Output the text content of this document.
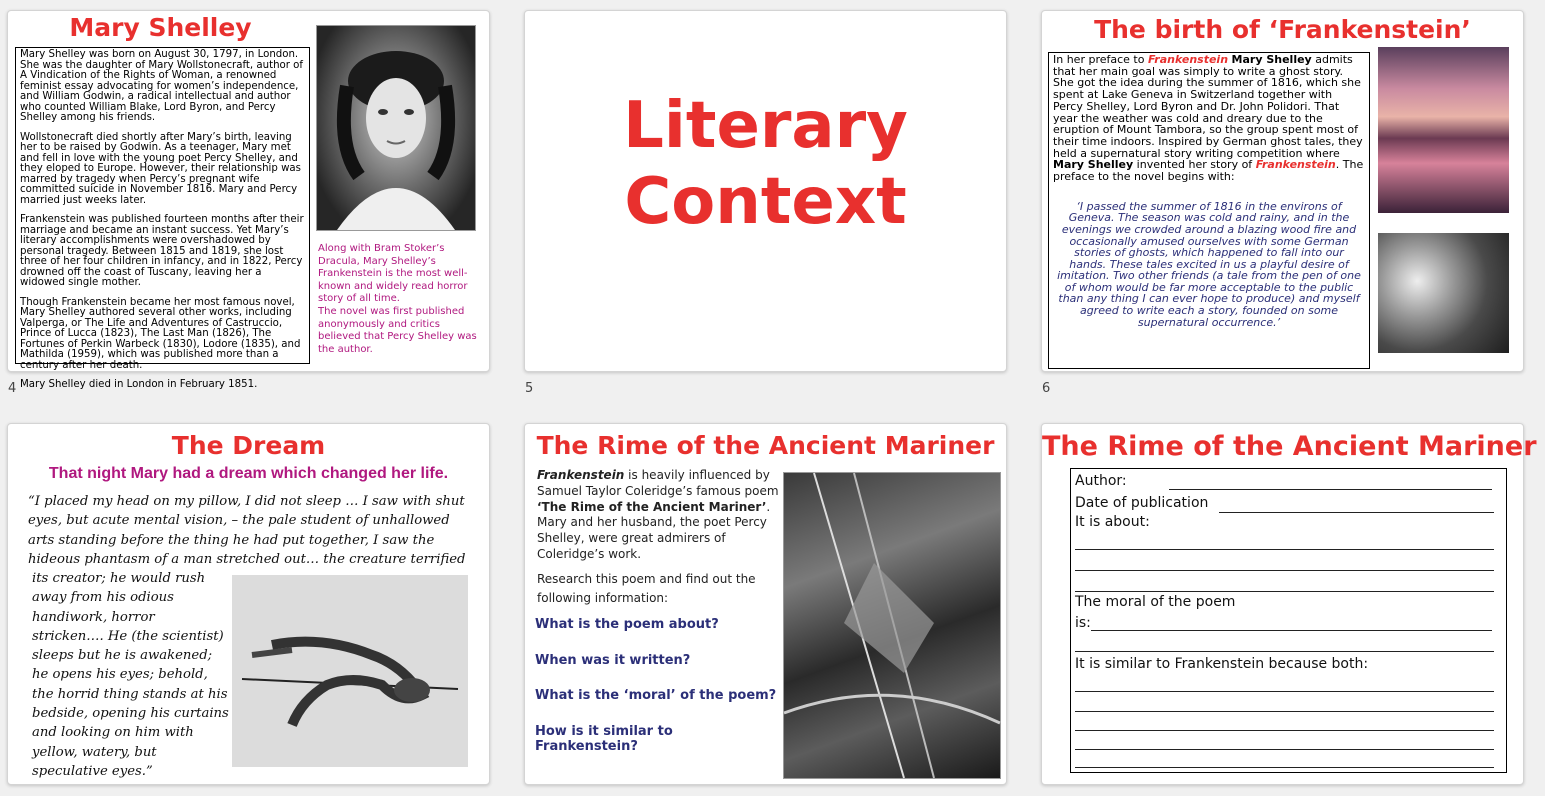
Mary Shelley

Mary Shelley was born on August 30, 1797, in London. She was the daughter of Mary Wollstonecraft, author of A Vindication of the Rights of Woman, a renowned feminist essay advocating for women’s independence, and William Godwin, a radical intellectual and author who counted William Blake, Lord Byron, and Percy Shelley among his friends.

Wollstonecraft died shortly after Mary’s birth, leaving her to be raised by Godwin. As a teenager, Mary met and fell in love with the young poet Percy Shelley, and they eloped to Europe. However, their relationship was marred by tragedy when Percy’s pregnant wife committed suicide in November 1816. Mary and Percy married just weeks later.

Frankenstein was published fourteen months after their marriage and became an instant success. Yet Mary’s literary accomplishments were overshadowed by personal tragedy. Between 1815 and 1819, she lost three of her four children in infancy, and in 1822, Percy drowned off the coast of Tuscany, leaving her a widowed single mother.

Though Frankenstein became her most famous novel, Mary Shelley authored several other works, including Valperga, or The Life and Adventures of Castruccio, Prince of Lucca (1823), The Last Man (1826), The Fortunes of Perkin Warbeck (1830), Lodore (1835), and Mathilda (1959), which was published more than a century after her death.

Mary Shelley died in London in February 1851.

Along with Bram Stoker’s Dracula, Mary Shelley’s Frankenstein is the most well-known and widely read horror story of all time.
The novel was first published anonymously and critics believed that Percy Shelley was the author.
4
Literary
Context
5
The birth of ‘Frankenstein’
In her preface to Frankenstein Mary Shelley admits that her main goal was simply to write a ghost story. She got the idea during the summer of 1816, which she spent at Lake Geneva in Switzerland together with Percy Shelley, Lord Byron and Dr. John Polidori. That year the weather was cold and dreary due to the eruption of Mount Tambora, so the group spent most of their time indoors. Inspired by German ghost tales, they held a supernatural story writing competition where Mary Shelley invented her story of Frankenstein. The preface to the novel begins with:
‘I passed the summer of 1816 in the environs of Geneva. The season was cold and rainy, and in the evenings we crowded around a blazing wood fire and occasionally amused ourselves with some German stories of ghosts, which happened to fall into our hands. These tales excited in us a playful desire of imitation. Two other friends (a tale from the pen of one of whom would be far more acceptable to the public than any thing I can ever hope to produce) and myself agreed to write each a story, founded on some supernatural occurrence.’
6
The Dream
That night Mary had a dream which changed her life.
“I placed my head on my pillow, I did not sleep … I saw with shut eyes, but acute mental vision, – the pale student of unhallowed arts standing before the thing he had put together, I saw the hideous phantasm of a man stretched out… the creature terrified
its creator; he would rush away from his odious handiwork, horror stricken…. He (the scientist) sleeps but he is awakened; he opens his eyes; behold, the horrid thing stands at his bedside, opening his curtains and looking on him with yellow, watery, but speculative eyes.”
The Rime of the Ancient Mariner
Frankenstein is heavily influenced by Samuel Taylor Coleridge’s famous poem ‘The Rime of the Ancient Mariner’. Mary and her husband, the poet Percy Shelley, were great admirers of Coleridge’s work.
Research this poem and find out the following information:
What is the poem about?
When was it written?
What is the ‘moral’ of the poem?
How is it similar to Frankenstein?
The Rime of the Ancient Mariner
Author:
Date of publication
It is about:
The moral of the poem
is:
It is similar to Frankenstein because both:
